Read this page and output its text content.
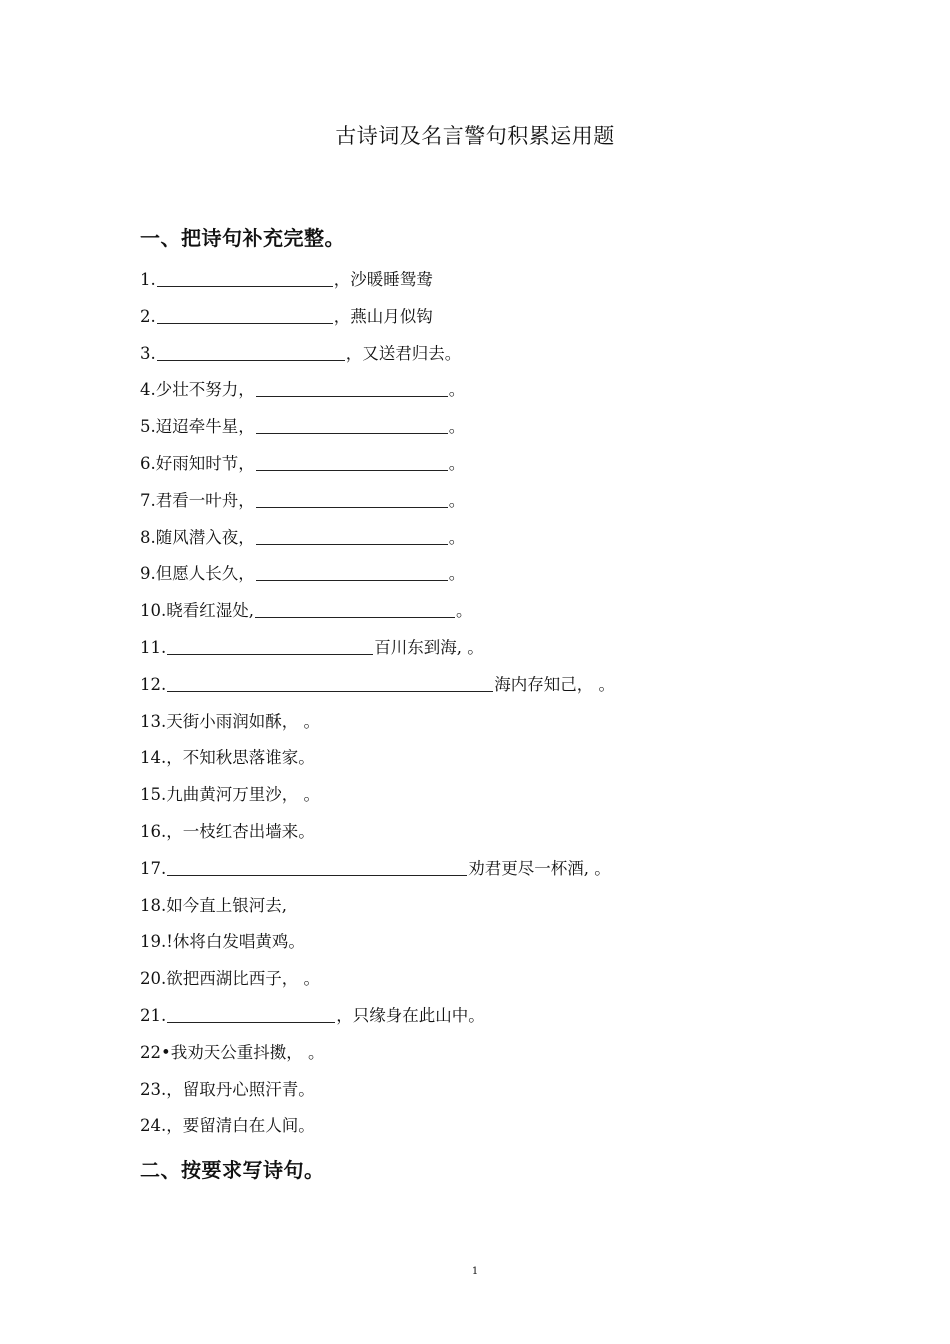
古诗词及名言警句积累运用题
一、把诗句补充完整。
1.	，沙暖睡鸳鸯
2.	，燕山月似钩
3.	，又送君归去。
4. 少壮不努力，	。
5. 迢迢牵牛星，	。
6. 好雨知时节，	。
7. 君看一叶舟，	。
8. 随风潜入夜，	。
9. 但愿人长久，	。
10. 晓看红湿处,	。
11.	百川东到海, 。
12.	海内存知己， 。
13. 天街小雨润如酥， 。
14. ，不知秋思落谁家。
15. 九曲黄河万里沙， 。
16. ，一枝红杏出墙来。
17.	劝君更尽一杯酒, 。
18. 如今直上银河去,
19. !休将白发唱黄鸡。
20. 欲把西湖比西子， 。
21.	，只缘身在此山中。
22• 我劝天公重抖擞， 。
23. ，留取丹心照汗青。
24. ，要留清白在人间。
二、按要求写诗句。
1
